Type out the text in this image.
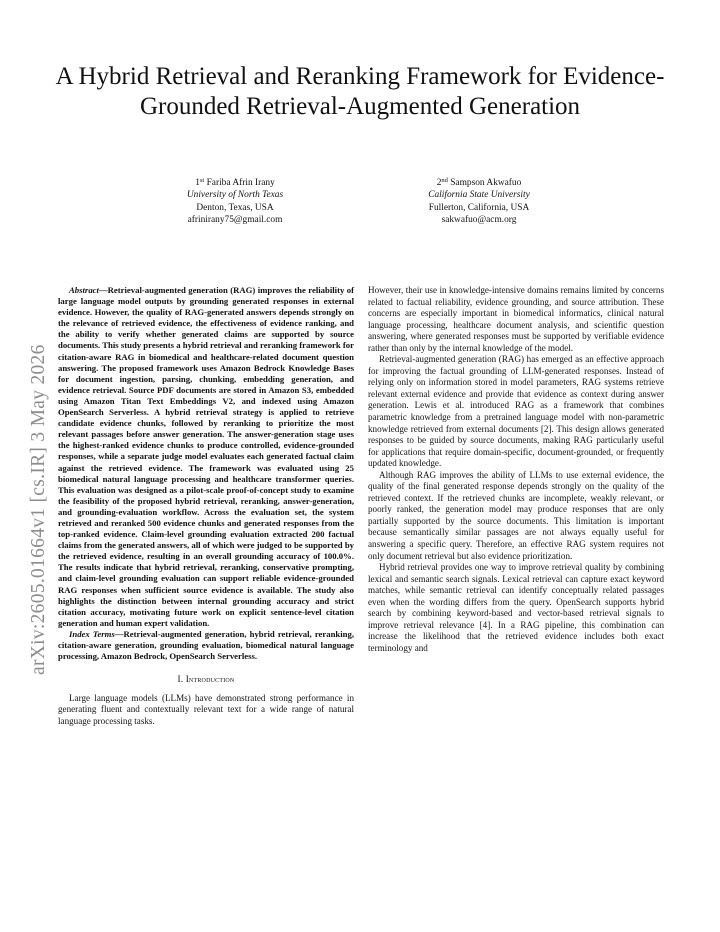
A Hybrid Retrieval and Reranking Framework for Evidence-Grounded Retrieval-Augmented Generation
1st Fariba Afrin Irany
University of North Texas
Denton, Texas, USA
afrinirany75@gmail.com
2nd Sampson Akwafuo
California State University
Fullerton, California, USA
sakwafuo@acm.org
arXiv:2605.01664v1 [cs.IR] 3 May 2026

Abstract—Retrieval-augmented generation (RAG) improves the reliability of large language model outputs by grounding generated responses in external evidence. However, the quality of RAG-generated answers depends strongly on the relevance of retrieved evidence, the effectiveness of evidence ranking, and the ability to verify whether generated claims are supported by source documents. This study presents a hybrid retrieval and reranking framework for citation-aware RAG in biomedical and healthcare-related document question answering. The proposed framework uses Amazon Bedrock Knowledge Bases for document ingestion, parsing, chunking, embedding generation, and evidence retrieval. Source PDF documents are stored in Amazon S3, embedded using Amazon Titan Text Embeddings V2, and indexed using Amazon OpenSearch Serverless. A hybrid retrieval strategy is applied to retrieve candidate evidence chunks, followed by reranking to prioritize the most relevant passages before answer generation. The answer-generation stage uses the highest-ranked evidence chunks to produce controlled, evidence-grounded responses, while a separate judge model evaluates each generated factual claim against the retrieved evidence. The framework was evaluated using 25 biomedical natural language processing and healthcare transformer queries. This evaluation was designed as a pilot-scale proof-of-concept study to examine the feasibility of the proposed hybrid retrieval, reranking, answer-generation, and grounding-evaluation workflow. Across the evaluation set, the system retrieved and reranked 500 evidence chunks and generated responses from the top-ranked evidence. Claim-level grounding evaluation extracted 200 factual claims from the generated answers, all of which were judged to be supported by the retrieved evidence, resulting in an overall grounding accuracy of 100.0%. The results indicate that hybrid retrieval, reranking, conservative prompting, and claim-level grounding evaluation can support reliable evidence-grounded RAG responses when sufficient source evidence is available. The study also highlights the distinction between internal grounding accuracy and strict citation accuracy, motivating future work on explicit sentence-level citation generation and human expert validation.

Index Terms—Retrieval-augmented generation, hybrid retrieval, reranking, citation-aware generation, grounding evaluation, biomedical natural language processing, Amazon Bedrock, OpenSearch Serverless.

I. Introduction

Large language models (LLMs) have demonstrated strong performance in generating fluent and contextually relevant text for a wide range of natural language processing tasks.

However, their use in knowledge-intensive domains remains limited by concerns related to factual reliability, evidence grounding, and source attribution. These concerns are especially important in biomedical informatics, clinical natural language processing, healthcare document analysis, and scientific question answering, where generated responses must be supported by verifiable evidence rather than only by the internal knowledge of the model.

Retrieval-augmented generation (RAG) has emerged as an effective approach for improving the factual grounding of LLM-generated responses. Instead of relying only on information stored in model parameters, RAG systems retrieve relevant external evidence and provide that evidence as context during answer generation. Lewis et al. introduced RAG as a framework that combines parametric knowledge from a pretrained language model with non-parametric knowledge retrieved from external documents [2]. This design allows generated responses to be guided by source documents, making RAG particularly useful for applications that require domain-specific, document-grounded, or frequently updated knowledge.

Although RAG improves the ability of LLMs to use external evidence, the quality of the final generated response depends strongly on the quality of the retrieved context. If the retrieved chunks are incomplete, weakly relevant, or poorly ranked, the generation model may produce responses that are only partially supported by the source documents. This limitation is important because semantically similar passages are not always equally useful for answering a specific query. Therefore, an effective RAG system requires not only document retrieval but also evidence prioritization.

Hybrid retrieval provides one way to improve retrieval quality by combining lexical and semantic search signals. Lexical retrieval can capture exact keyword matches, while semantic retrieval can identify conceptually related passages even when the wording differs from the query. OpenSearch supports hybrid search by combining keyword-based and vector-based retrieval signals to improve retrieval relevance [4]. In a RAG pipeline, this combination can increase the likelihood that the retrieved evidence includes both exact terminology and
